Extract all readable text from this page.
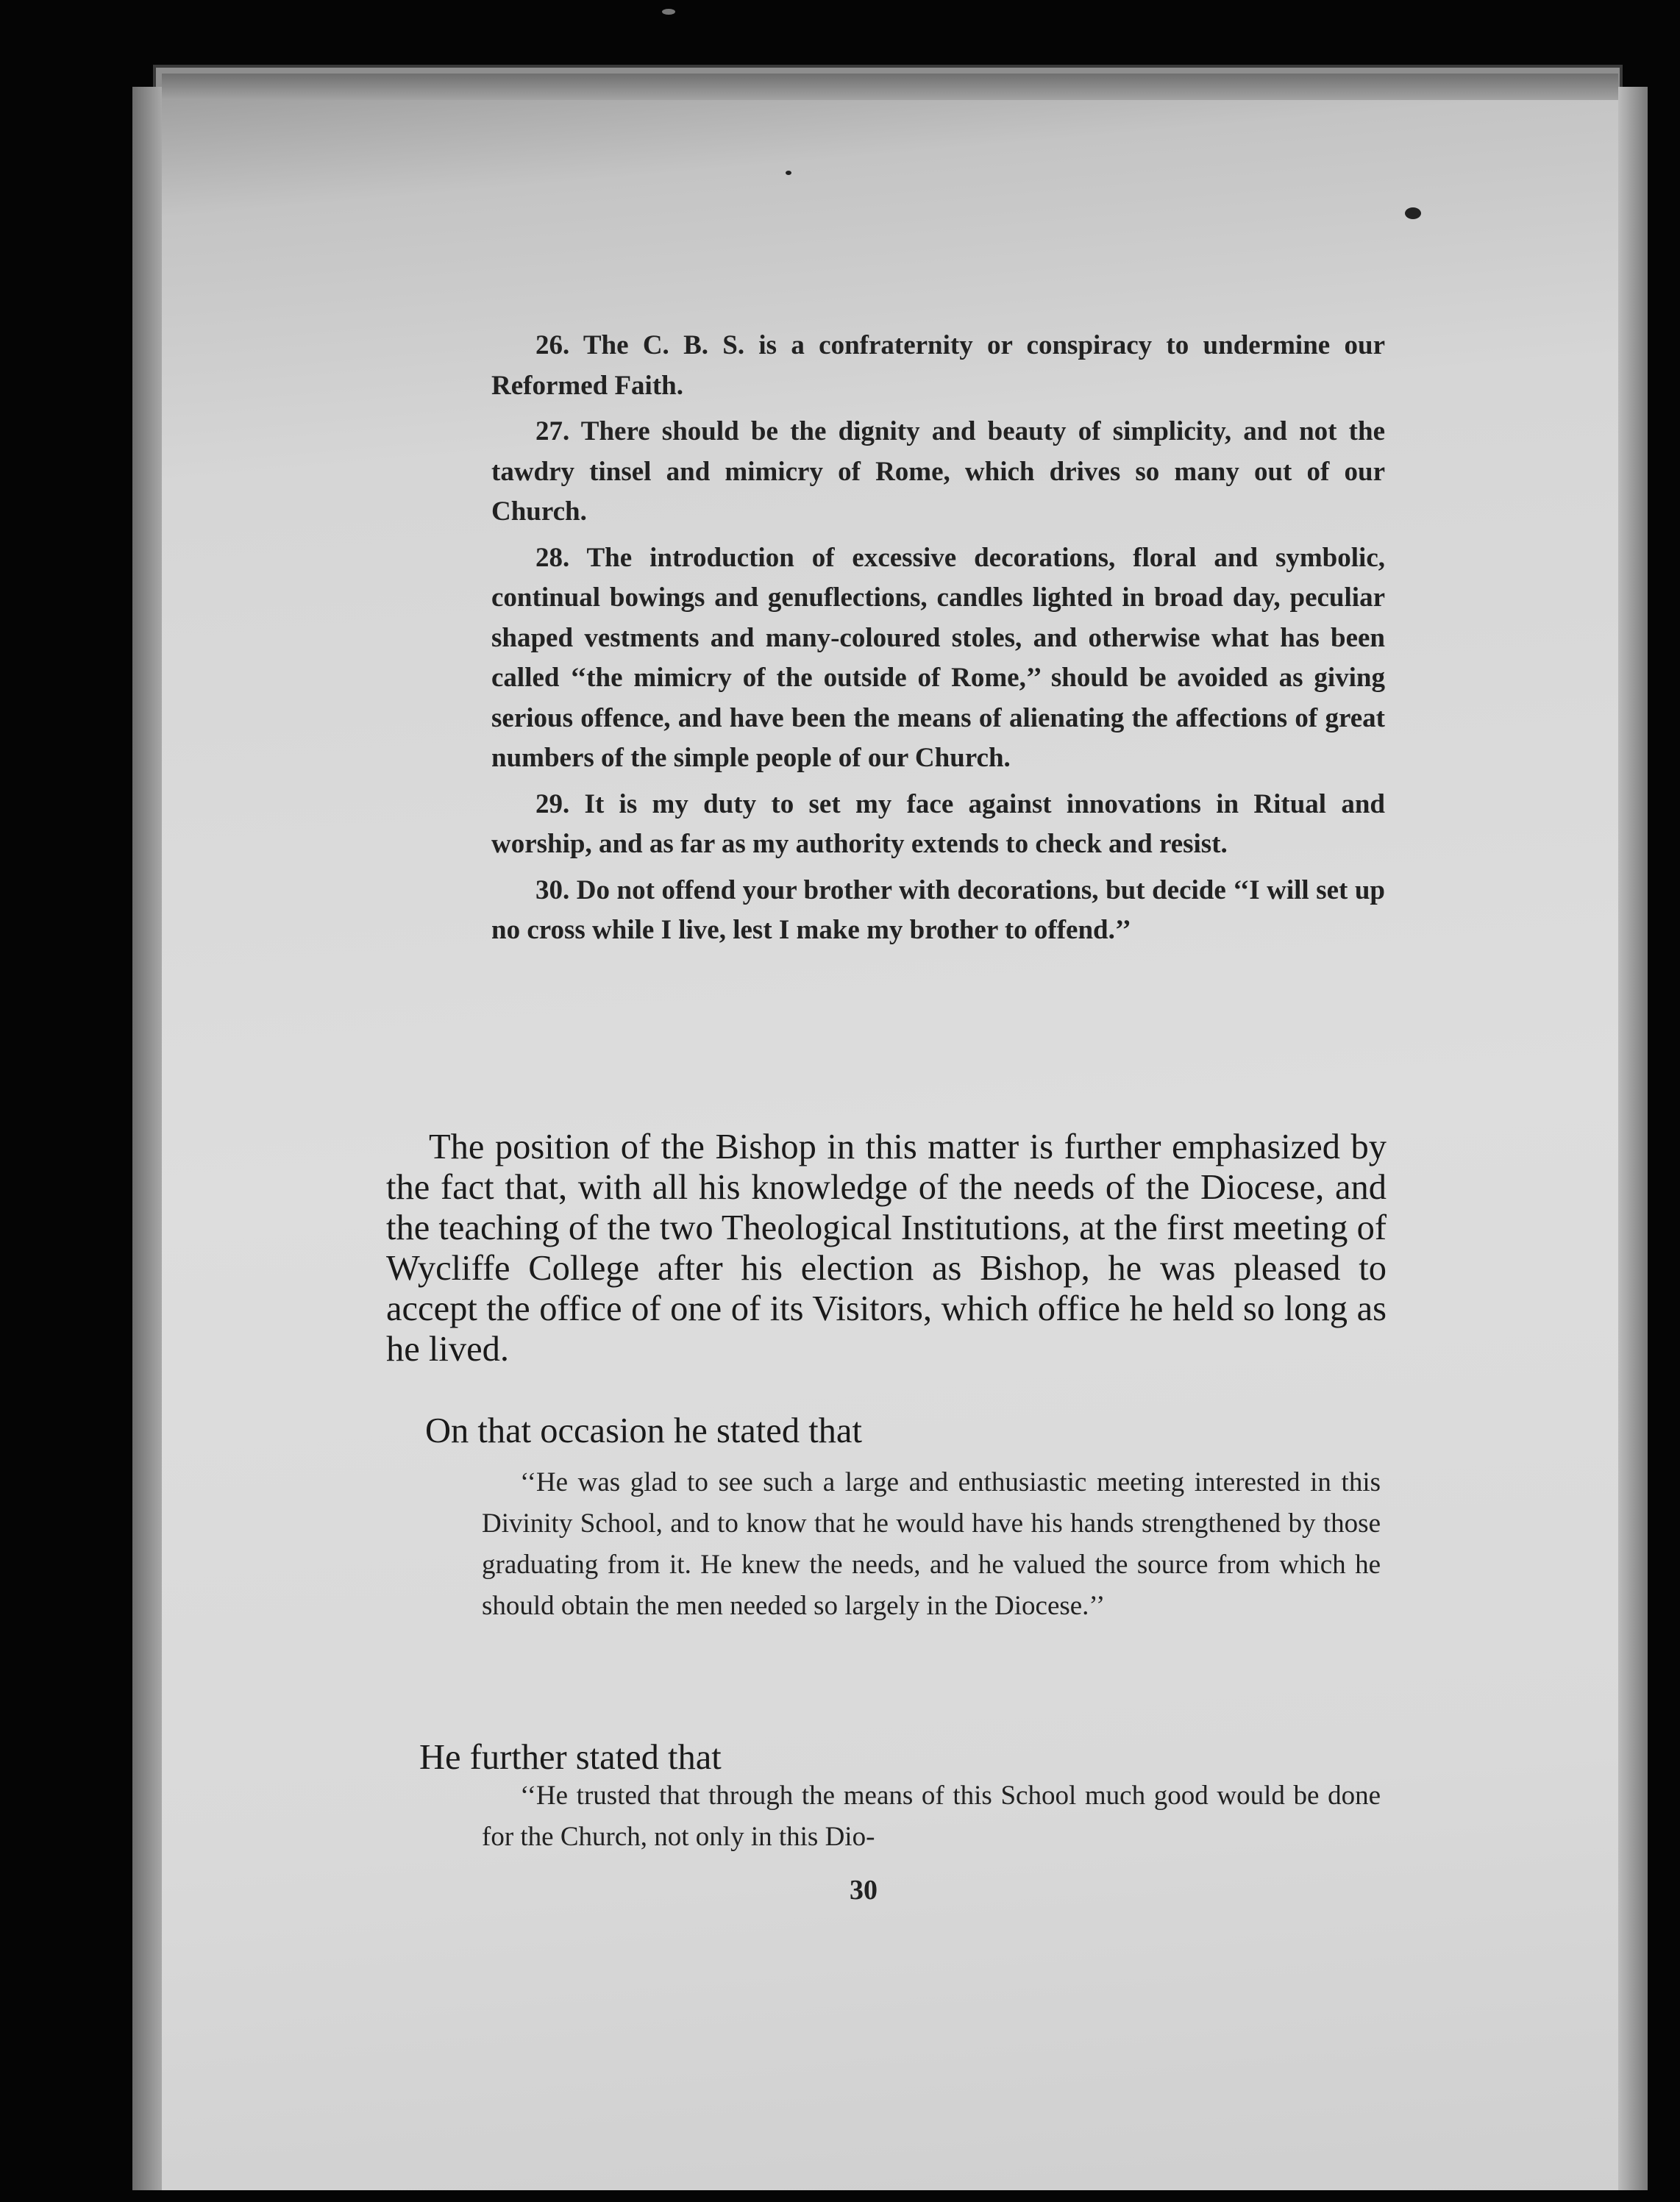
26. The C. B. S. is a confraternity or conspiracy to undermine our Reformed Faith.

27. There should be the dignity and beauty of simplicity, and not the tawdry tinsel and mimicry of Rome, which drives so many out of our Church.

28. The introduction of excessive decorations, floral and symbolic, continual bowings and genuflections, candles lighted in broad day, peculiar shaped vestments and many-coloured stoles, and otherwise what has been called ‘‘the mimicry of the outside of Rome,’’ should be avoided as giving serious offence, and have been the means of alienating the affections of great numbers of the simple people of our Church.

29. It is my duty to set my face against innovations in Ritual and worship, and as far as my authority extends to check and resist.

30. Do not offend your brother with decorations, but decide ‘‘I will set up no cross while I live, lest I make my brother to offend.’’

The position of the Bishop in this matter is further emphasized by the fact that, with all his knowledge of the needs of the Diocese, and the teaching of the two Theological Institutions, at the first meeting of Wycliffe College after his election as Bishop, he was pleased to accept the office of one of its Visitors, which office he held so long as he lived.

On that occasion he stated that

‘‘He was glad to see such a large and enthusiastic meeting interested in this Divinity School, and to know that he would have his hands strengthened by those graduating from it. He knew the needs, and he valued the source from which he should obtain the men needed so largely in the Diocese.’’

He further stated that

‘‘He trusted that through the means of this School much good would be done for the Church, not only in this Dio-

30
